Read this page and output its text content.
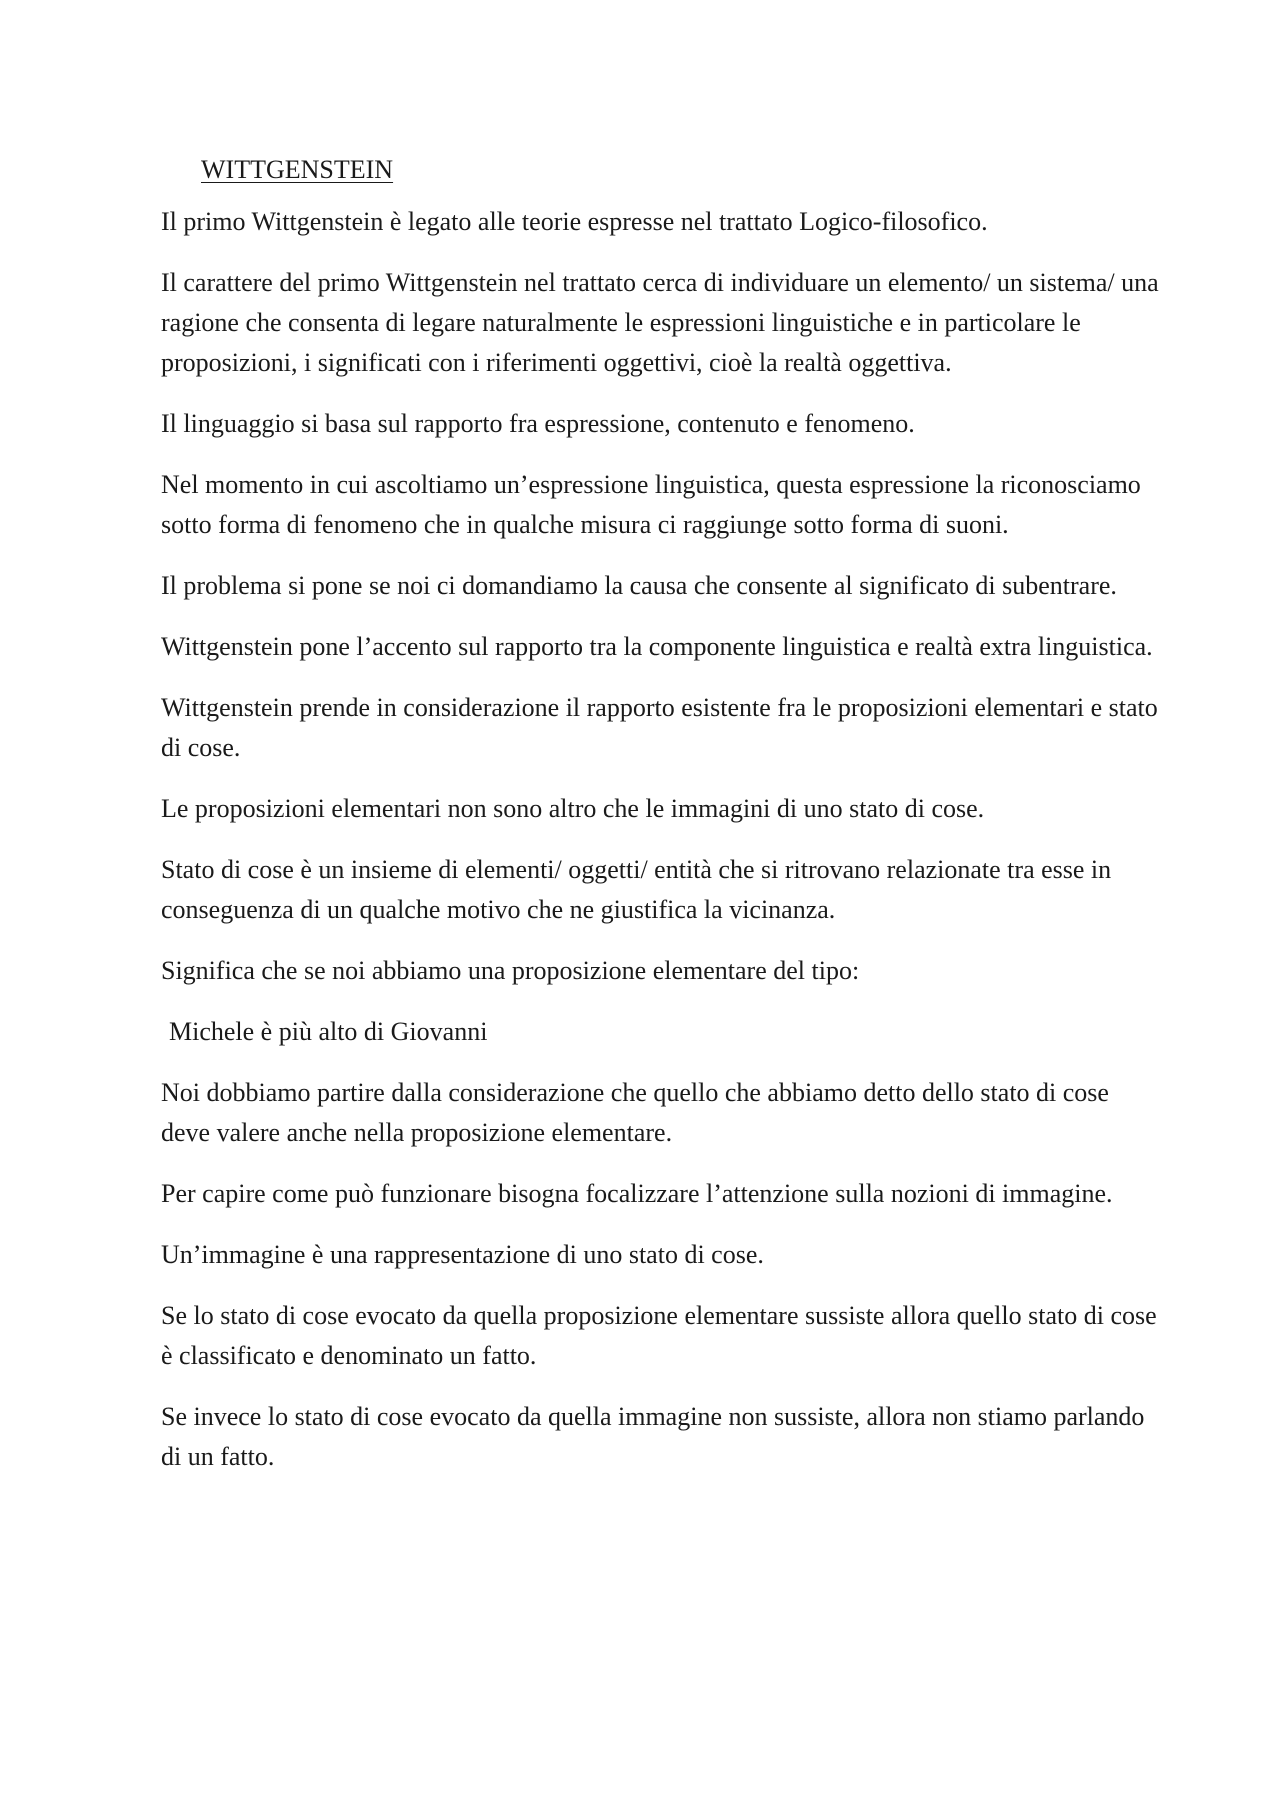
WITTGENSTEIN

Il primo Wittgenstein è legato alle teorie espresse nel trattato Logico-filosofico.

Il carattere del primo Wittgenstein nel trattato cerca di individuare un elemento/ un sistema/ una ragione che consenta di legare naturalmente le espressioni linguistiche e in particolare le proposizioni, i significati con i riferimenti oggettivi, cioè la realtà oggettiva.

Il linguaggio si basa sul rapporto fra espressione, contenuto e fenomeno.

Nel momento in cui ascoltiamo un’espressione linguistica, questa espressione la riconosciamo sotto forma di fenomeno che in qualche misura ci raggiunge sotto forma di suoni.

Il problema si pone se noi ci domandiamo la causa che consente al significato di subentrare.

Wittgenstein pone l’accento sul rapporto tra la componente linguistica e realtà extra linguistica.

Wittgenstein prende in considerazione il rapporto esistente fra le proposizioni elementari e stato di cose.

Le proposizioni elementari non sono altro che le immagini di uno stato di cose.

Stato di cose è un insieme di elementi/ oggetti/ entità che si ritrovano relazionate tra esse in conseguenza di un qualche motivo che ne giustifica la vicinanza.

Significa che se noi abbiamo una proposizione elementare del tipo:

Michele è più alto di Giovanni

Noi dobbiamo partire dalla considerazione che quello che abbiamo detto dello stato di cose deve valere anche nella proposizione elementare.

Per capire come può funzionare bisogna focalizzare l’attenzione sulla nozioni di immagine.

Un’immagine è una rappresentazione di uno stato di cose.

Se lo stato di cose evocato da quella proposizione elementare sussiste allora quello stato di cose è classificato e denominato un fatto.

Se invece lo stato di cose evocato da quella immagine non sussiste, allora non stiamo parlando di un fatto.
